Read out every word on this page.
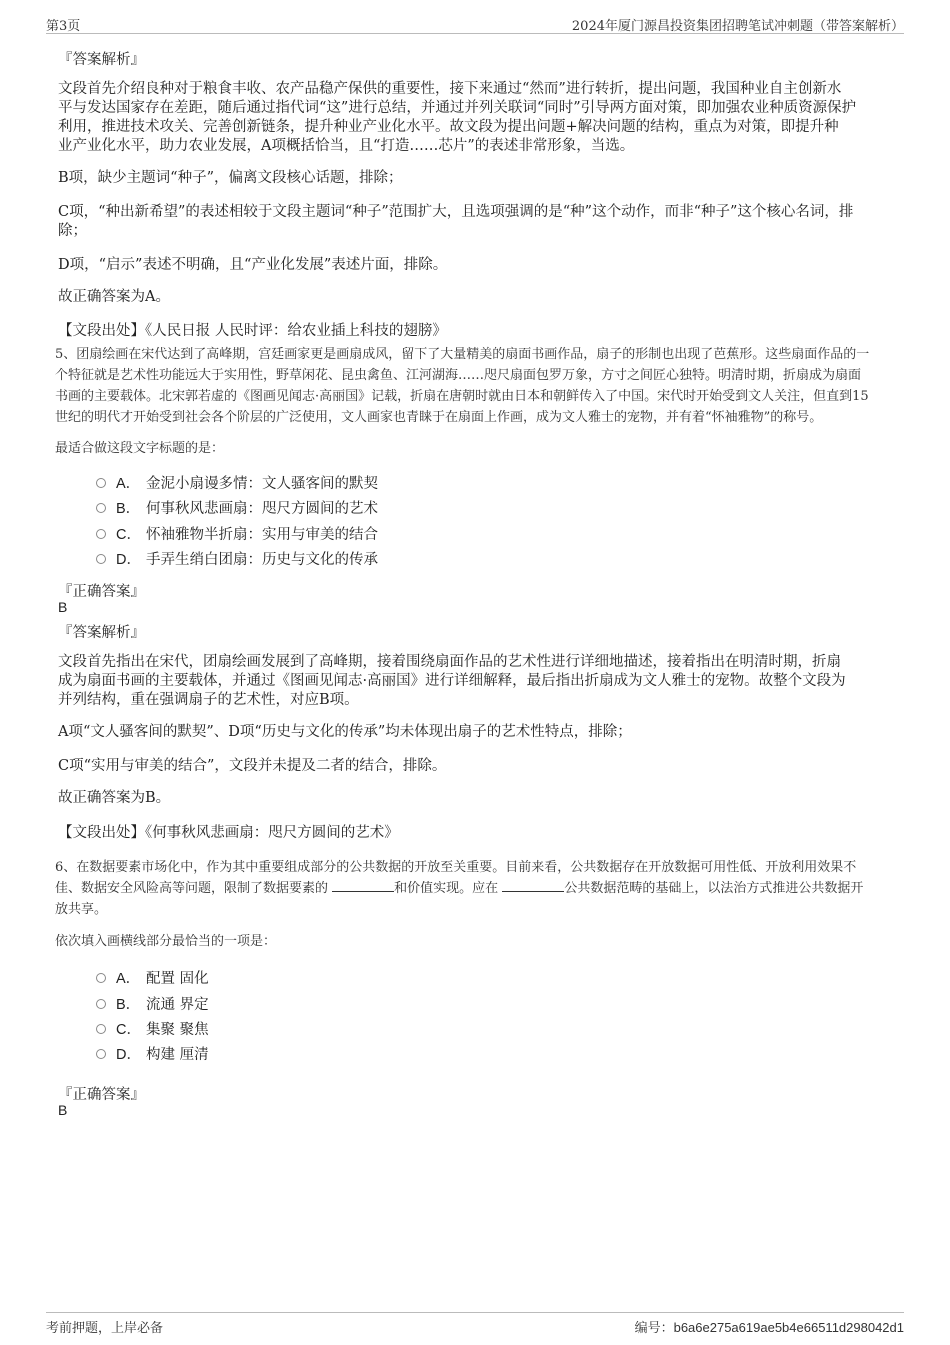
第3页	2024年厦门源昌投资集团招聘笔试冲刺题（带答案解析）
『答案解析』
文段首先介绍良种对于粮食丰收、农产品稳产保供的重要性，接下来通过“然而”进行转折，提出问题，我国种业自主创新水
平与发达国家存在差距，随后通过指代词“这”进行总结，并通过并列关联词“同时”引导两方面对策，即加强农业种质资源保护
利用，推进技术攻关、完善创新链条，提升种业产业化水平。故文段为提出问题+解决问题的结构，重点为对策，即提升种
业产业化水平，助力农业发展，A项概括恰当，且“打造……芯片”的表述非常形象，当选。
B项，缺少主题词“种子”，偏离文段核心话题，排除；
C项，“种出新希望”的表述相较于文段主题词“种子”范围扩大，且选项强调的是“种”这个动作，而非“种子”这个核心名词，排
除；
D项，“启示”表述不明确，且“产业化发展”表述片面，排除。
故正确答案为A。
【文段出处】《人民日报 人民时评：给农业插上科技的翅膀》
5、团扇绘画在宋代达到了高峰期，宫廷画家更是画扇成风，留下了大量精美的扇面书画作品，扇子的形制也出现了芭蕉形。这些扇面作品的一
个特征就是艺术性功能远大于实用性，野草闲花、昆虫禽鱼、江河湖海……咫尺扇面包罗万象，方寸之间匠心独特。明清时期，折扇成为扇面
书画的主要载体。北宋郭若虚的《图画见闻志·高丽国》记载，折扇在唐朝时就由日本和朝鲜传入了中国。宋代时开始受到文人关注，但直到15
世纪的明代才开始受到社会各个阶层的广泛使用，文人画家也青睐于在扇面上作画，成为文人雅士的宠物，并有着“怀袖雅物”的称号。
最适合做这段文字标题的是：
A． 金泥小扇谩多情：文人骚客间的默契
B． 何事秋风悲画扇：咫尺方圆间的艺术
C． 怀袖雅物半折扇：实用与审美的结合
D． 手弄生绡白团扇：历史与文化的传承
『正确答案』
B
『答案解析』
文段首先指出在宋代，团扇绘画发展到了高峰期，接着围绕扇面作品的艺术性进行详细地描述，接着指出在明清时期，折扇
成为扇面书画的主要载体，并通过《图画见闻志·高丽国》进行详细解释，最后指出折扇成为文人雅士的宠物。故整个文段为
并列结构，重在强调扇子的艺术性，对应B项。
A项“文人骚客间的默契”、D项“历史与文化的传承”均未体现出扇子的艺术性特点，排除；
C项“实用与审美的结合”，文段并未提及二者的结合，排除。
故正确答案为B。
【文段出处】《何事秋风悲画扇：咫尺方圆间的艺术》
6、在数据要素市场化中，作为其中重要组成部分的公共数据的开放至关重要。目前来看，公共数据存在开放数据可用性低、开放利用效果不
佳、数据安全风险高等问题，限制了数据要素的	和价值实现。应在	公共数据范畴的基础上，以法治方式推进公共数据开
放共享。
依次填入画横线部分最恰当的一项是：
A． 配置 固化
B． 流通 界定
C． 集聚 聚焦
D． 构建 厘清
『正确答案』
B
考前押题，上岸必备	编号：b6a6e275a619ae5b4e66511d298042d1
